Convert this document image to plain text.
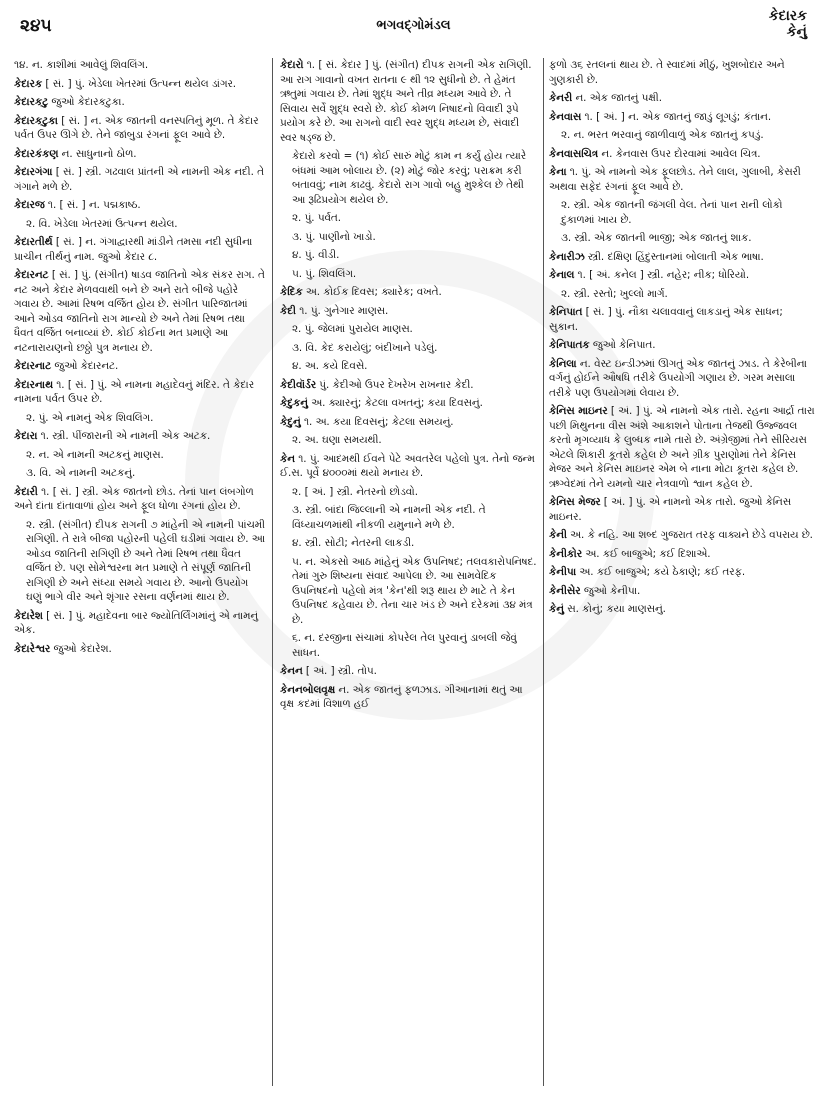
૨૪૫	ભગવદ્ગોમંડલ
કેદારક
કેનું
૧૪. ન. કાશીમાં આવેલું શિવલિંગ.
કેદારક [ સં. ] પું. ખેડેલા ખેતરમાં ઉત્પન્ન થયેલ ડાંગર.
કેદારકટુ જુઓ કેદારકટુકા.
કેદારકટુકા [ સં. ] ન. એક જાતની વનસ્પતિનું મૂળ. તે કેદાર પર્વત ઉપર ઊગે છે. તેને જાંબુડા રંગનાં ફૂલ આવે છે.
કેદારકંકણ ન. સાધુનાનો ઠોળ.
કેદારગંગા [ સં. ] સ્ત્રી. ગઢવાલ પ્રાંતની એ નામની એક નદી. તે ગંગાને મળે છે.
કેદારજ ૧. [ સં. ] ન. પદ્મકાષ્ઠ.
૨. વિ. ખેડેલા ખેતરમાં ઉત્પન્ન થયેલ.
કેદારતીર્થ [ સં. ] ન. ગંગાદ્વારથી માંડીને તમસા નદી સુધીના પ્રાચીન તીર્થનું નામ. જુઓ કેદાર ૮.
કેદારનટ [ સં. ] પું. (સંગીત) ષાડવ જાતિનો એક સંકર રાગ. તે નટ અને કેદાર મેળવવાથી બને છે અને રાતે બીજે પહોરે ગવાય છે. આમાં રિષભ વર્જિત હોય છે. સંગીત પારિજાતમાં આને ઓડવ જાતિનો રાગ માન્યો છે અને તેમાં રિષભ તથા ધૈવત વર્જિત બનાવ્યાં છે. કોઈ કોઈના મત પ્રમાણે આ નટનારાયણનો છઠ્ઠો પુત્ર મનાય છે.
કેદારનાટ જુઓ કેદારનટ.
કેદારનાથ ૧. [ સં. ] પું. એ નામના મહાદેવનું મંદિર. તે કેદાર નામના પર્વત ઉપર છે.
૨. પું. એ નામનું એક શિવલિંગ.
કેદારા ૧. સ્ત્રી. પીંજારાની એ નામની એક અટક.
૨. ન. એ નામની અટકનું માણસ.
૩. વિ. એ નામની અટકનું.
કેદારી ૧. [ સં. ] સ્ત્રી. એક જાતનો છોડ. તેનાં પાન લંબગોળ અને દાંતા દાંતાવાળાં હોય અને ફૂલ ધોળા રંગનાં હોય છે.
૨. સ્ત્રી. (સંગીત) દીપક રાગની ૭ માંહેની એ નામની પાંચમી રાગિણી. તે રાત્રે બીજા પહોરની પહેલી ઘડીમાં ગવાય છે. આ ઓડવ જાતિની રાગિણી છે અને તેમાં રિષભ તથા ધૈવત વર્જિત છે. પણ સોમેશ્વરના મત પ્રમાણે તે સંપૂર્ણ જાતિની રાગિણી છે અને સંધ્યા સમયે ગવાય છે. આનો ઉપયોગ ઘણું ભાગે વીર અને શૃંગાર રસના વર્ણનમાં થાય છે.
કેદારેશ [ સં. ] પું. મહાદેવના બાર જ્યોતિર્લિંગમાંનું એ નામનું એક.
કેદારેશ્વર જુઓ કેદારેશ.
કેદારો ૧. [ સં. કેદાર ] પું. (સંગીત) દીપક રાગની એક રાગિણી. આ રાગ ગાવાનો વખત રાતના ૯ થી ૧૨ સુધીનો છે. તે હેમંત ઋતુમાં ગવાય છે. તેમાં શુદ્ધ અને તીવ્ર મધ્યમ આવે છે. તે સિવાય સર્વે શુદ્ધ સ્વરો છે. કોઈ કોમળ નિષાદનો વિવાદી રૂપે પ્રયોગ કરે છે. આ રાગનો વાદી સ્વર શુદ્ધ મધ્યમ છે, સંવાદી સ્વર ષડ્જ છે.
કેદારો કરવો = (૧) કોઈ સારું મોટું કામ ન કર્યું હોય ત્યારે બંધમાં આમ બોલાય છે. (૨) મોટું જોર કરવું; પરાક્રમ કરી બતાવવું; નામ કાઢવું. કેદારો રાગ ગાવો બહુ મુશ્કેલ છે તેથી આ રૂઢિપ્રયોગ થયેલ છે.
૨. પું. પર્વત.
૩. પું. પાણીનો ખાડો.
૪. પું. વીડી.
૫. પું. શિવલિંગ.
કેદિક અ. કોઈક દિવસ; ક્યારેક; વખતે.
કેદી ૧. પું. ગુનેગાર માણસ.
૨. પું. જેલમાં પુરાયેલ માણસ.
૩. વિ. કેદ કરાયેલું; બંદીખાને પડેલું.
૪. અ. કયે દિવસે.
કેદીવૉર્ડર પું. કેદીઓ ઉપર દેખરેખ રાખનાર કેદી.
કેદુકનું અ. ક્યારનું; કેટલા વખતનું; કયા દિવસનું.
કેદુનું ૧. અ. કયા દિવસનું; કેટલા સમયનું.
૨. અ. ઘણા સમયથી.
કેન ૧. પું. આદમથી ઈવને પેટે અવતરેલ પહેલો પુત્ર. તેનો જન્મ ઈ.સ. પૂર્વે ૪૦૦૦માં થયો મનાય છે.
૨. [ અં. ] સ્ત્રી. નેતરનો છોડવો.
૩. સ્ત્રી. બાંદા જિલ્લાની એ નામની એક નદી. તે વિંધ્યાચળમાંથી નીકળી યમુનાને મળે છે.
૪. સ્ત્રી. સોટી; નેતરની લાકડી.
૫. ન. એકસો આઠ માંહેનું એક ઉપનિષદ; તલવકારોપનિષદ. તેમાં ગુરુ શિષ્યના સંવાદ આપેલા છે. આ સામવેદિક ઉપનિષદનો પહેલો મંત્ર 'કેન'થી શરૂ થાય છે માટે તે કેન ઉપનિષદ કહેવાય છે. તેના ચાર ખંડ છે અને દરેકમાં ૩૪ મંત્ર છે.
૬. ન. દરજીના સંચામાં કોપરેલ તેલ પુરવાનું ડાબલી જેવું સાધન.
કેનન [ અં. ] સ્ત્રી. તોપ.
કેનનબોલવૃક્ષ ન. એક જાતનું ફળઝાડ. ગીઆનામાં થતું આ વૃક્ષ કદમાં વિશાળ હઈ
ફળો ૩૬ રતલનાં થાય છે. તે સ્વાદમાં મીઠું, ખુશબોદાર અને ગુણકારી છે.
કેનરી ન. એક જાતનું પક્ષી.
કેનવાસ ૧. [ અં. ] ન. એક જાતનું જાડું લૂગડું; કંતાન.
૨. ન. ભરત ભરવાનું જાળીવાળું એક જાતનું કપડું.
કેનવાસચિત્ર ન. કેનવાસ ઉપર દોરવામાં આવેલ ચિત્ર.
કેના ૧. પું. એ નામનો એક ફૂલછોડ. તેને લાલ, ગુલાબી, કેસરી અથવા સફેદ રંગનાં ફૂલ આવે છે.
૨. સ્ત્રી. એક જાતની જંગલી વેલ. તેનાં પાન રાની લોકો દુકાળમાં ખાય છે.
૩. સ્ત્રી. એક જાતની ભાજી; એક જાતનું શાક.
કેનારીઝ સ્ત્રી. દક્ષિણ હિંદુસ્તાનમાં બોલાતી એક ભાષા.
કેનાલ ૧. [ અં. કનેલ ] સ્ત્રી. નહેર; નીક; ધોરિયો.
૨. સ્ત્રી. રસ્તો; ખુલ્લો માર્ગ.
કેનિપાત [ સં. ] પું. નૌકા ચલાવવાનું લાકડાનું એક સાધન; સુકાન.
કેનિપાતક જુઓ કેનિપાત.
કેનિલા ન. વેસ્ટ ઇન્ડીઝમાં ઊગતું એક જાતનું ઝાડ. તે કેરેબીના વર્ગનું હોઈને ઔષધિ તરીકે ઉપયોગી ગણાય છે. ગરમ મસાલા તરીકે પણ ઉપયોગમાં લેવાય છે.
કેનિસ માઇનર [ અં. ] પું. એ નામનો એક તારો. રહના આર્દ્રા તારા પછી મિથુનના વીસ અંશે આકાશને પોતાના તેજથી ઉજ્જવલ કરતો મૃગવ્યાધ કે લુબ્ધક નામે તારો છે. અંગ્રેજીમાં તેને સીરિયસ એટલે શિકારી કૂતરો કહેલ છે અને ગ્રીક પુરાણોમાં તેને કેનિસ મેજર અને કેનિસ માઇનર એમ બે નાના મોટા કૂતરા કહેલ છે. ઋગ્વેદમાં તેને યમનો ચાર નેત્રવાળો શ્વાન કહેલ છે.
કેનિસ મેજર [ અં. ] પું. એ નામનો એક તારો. જુઓ કેનિસ માઇનર.
કેની અ. કે નહિ. આ શબ્દ ગુજરાત તરફ વાક્યને છેડે વપરાય છે.
કેનીકોર અ. કઈ બાજુએ; કઈ દિશાએ.
કેનીપા અ. કઈ બાજુએ; કયે ઠેકાણે; કઈ તરફ.
કેનીસેર જુઓ કેનીપા.
કેનું સ. કોનું; કયા માણસનું.
